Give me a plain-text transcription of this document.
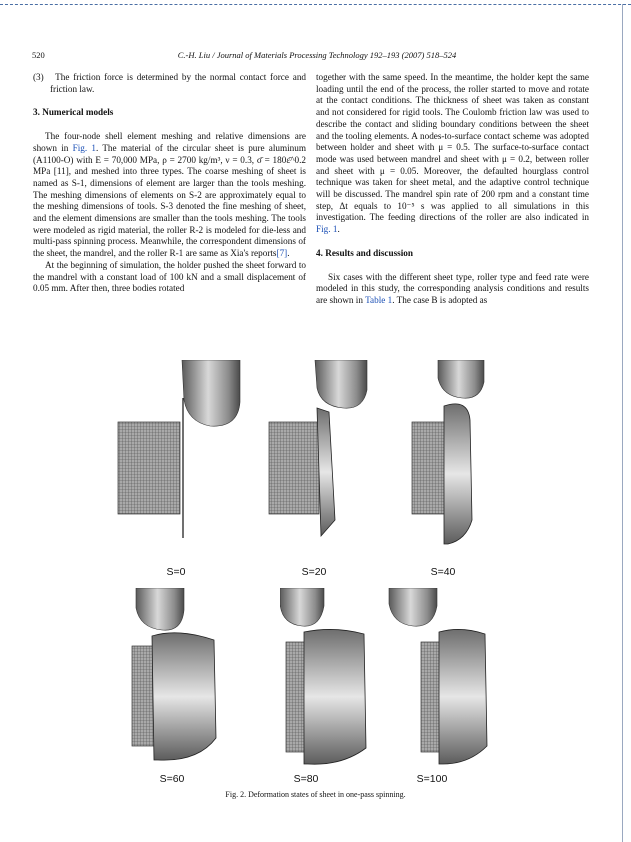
520	C.-H. Liu / Journal of Materials Processing Technology 192–193 (2007) 518–524

(3) The friction force is determined by the normal contact force and friction law.

3. Numerical models

The four-node shell element meshing and relative dimensions are shown in Fig. 1. The material of the circular sheet is pure aluminum (A1100-O) with E = 70,000 MPa, ρ = 2700 kg/m³, ν = 0.3, σ̄ = 180ε̄^0.2 MPa [11], and meshed into three types. The coarse meshing of sheet is named as S-1, dimensions of element are larger than the tools meshing. The meshing dimensions of elements on S-2 are approximately equal to the meshing dimensions of tools. S-3 denoted the fine meshing of sheet, and the element dimensions are smaller than the tools meshing. The tools were modeled as rigid material, the roller R-2 is modeled for die-less and multi-pass spinning process. Meanwhile, the correspondent dimensions of the sheet, the mandrel, and the roller R-1 are same as Xia's reports[7].

At the beginning of simulation, the holder pushed the sheet forward to the mandrel with a constant load of 100 kN and a small displacement of 0.05 mm. After then, three bodies rotated

together with the same speed. In the meantime, the holder kept the same loading until the end of the process, the roller started to move and rotate at the contact conditions. The thickness of sheet was taken as constant and not considered for rigid tools. The Coulomb friction law was used to describe the contact and sliding boundary conditions between the sheet and the tooling elements. A nodes-to-surface contact scheme was adopted between holder and sheet with μ = 0.5. The surface-to-surface contact mode was used between mandrel and sheet with μ = 0.2, between roller and sheet with μ = 0.05. Moreover, the defaulted hourglass control technique was taken for sheet metal, and the adaptive control technique will be discussed. The mandrel spin rate of 200 rpm and a constant time step, Δt equals to 10⁻⁵ s was applied to all simulations in this investigation. The feeding directions of the roller are also indicated in Fig. 1.

4. Results and discussion

Six cases with the different sheet type, roller type and feed rate were modeled in this study, the corresponding analysis conditions and results are shown in Table 1. The case B is adopted as

S=0	S=20	S=40
S=60	S=80	S=100
Fig. 2. Deformation states of sheet in one-pass spinning.
